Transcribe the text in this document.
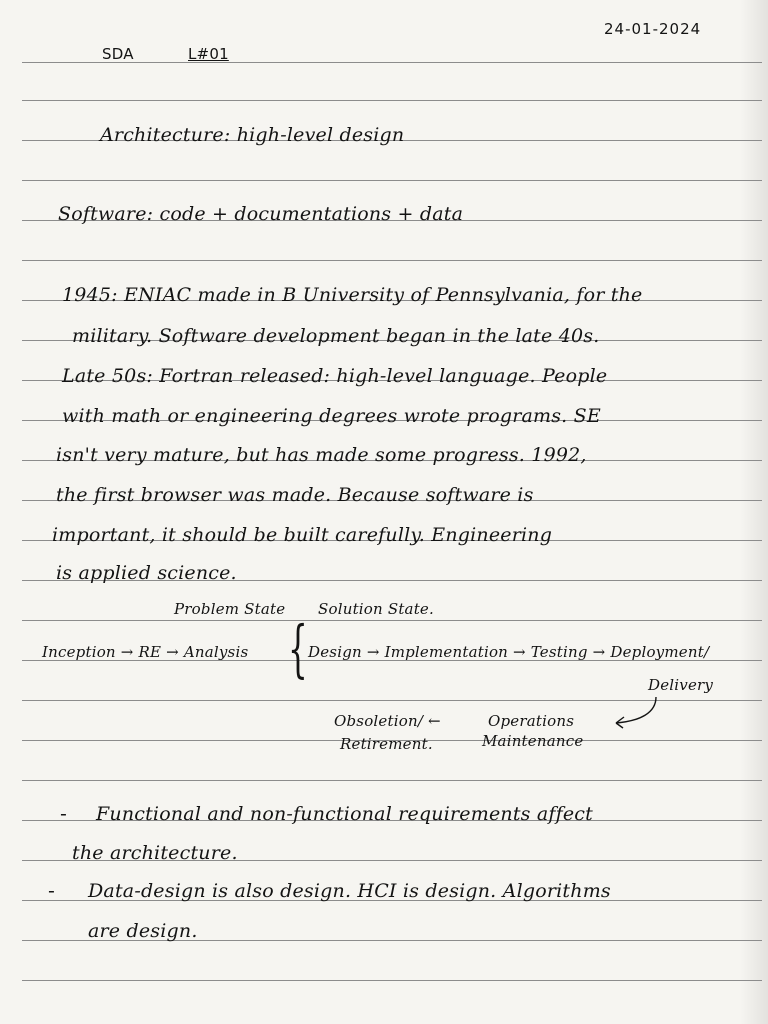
24-01-2024
SDA	L#01
Architecture: high-level design
Software: code + documentations + data
1945: ENIAC made in B University of Pennsylvania, for the
military. Software development began in the late 40s.
Late 50s: Fortran released: high-level language. People
with math or engineering degrees wrote programs. SE
isn't very mature, but has made some progress. 1992,
the first browser was made. Because software is
important, it should be built carefully. Engineering
is applied science.
Problem State Solution State.
Inception → RE → Analysis { Design → Implementation → Testing → Deployment/
Delivery
Obsoletion/ ←	Operations
Retirement.	Maintenance
- Functional and non-functional requirements affect
the architecture.
- Data-design is also design. HCI is design. Algorithms
are design.
